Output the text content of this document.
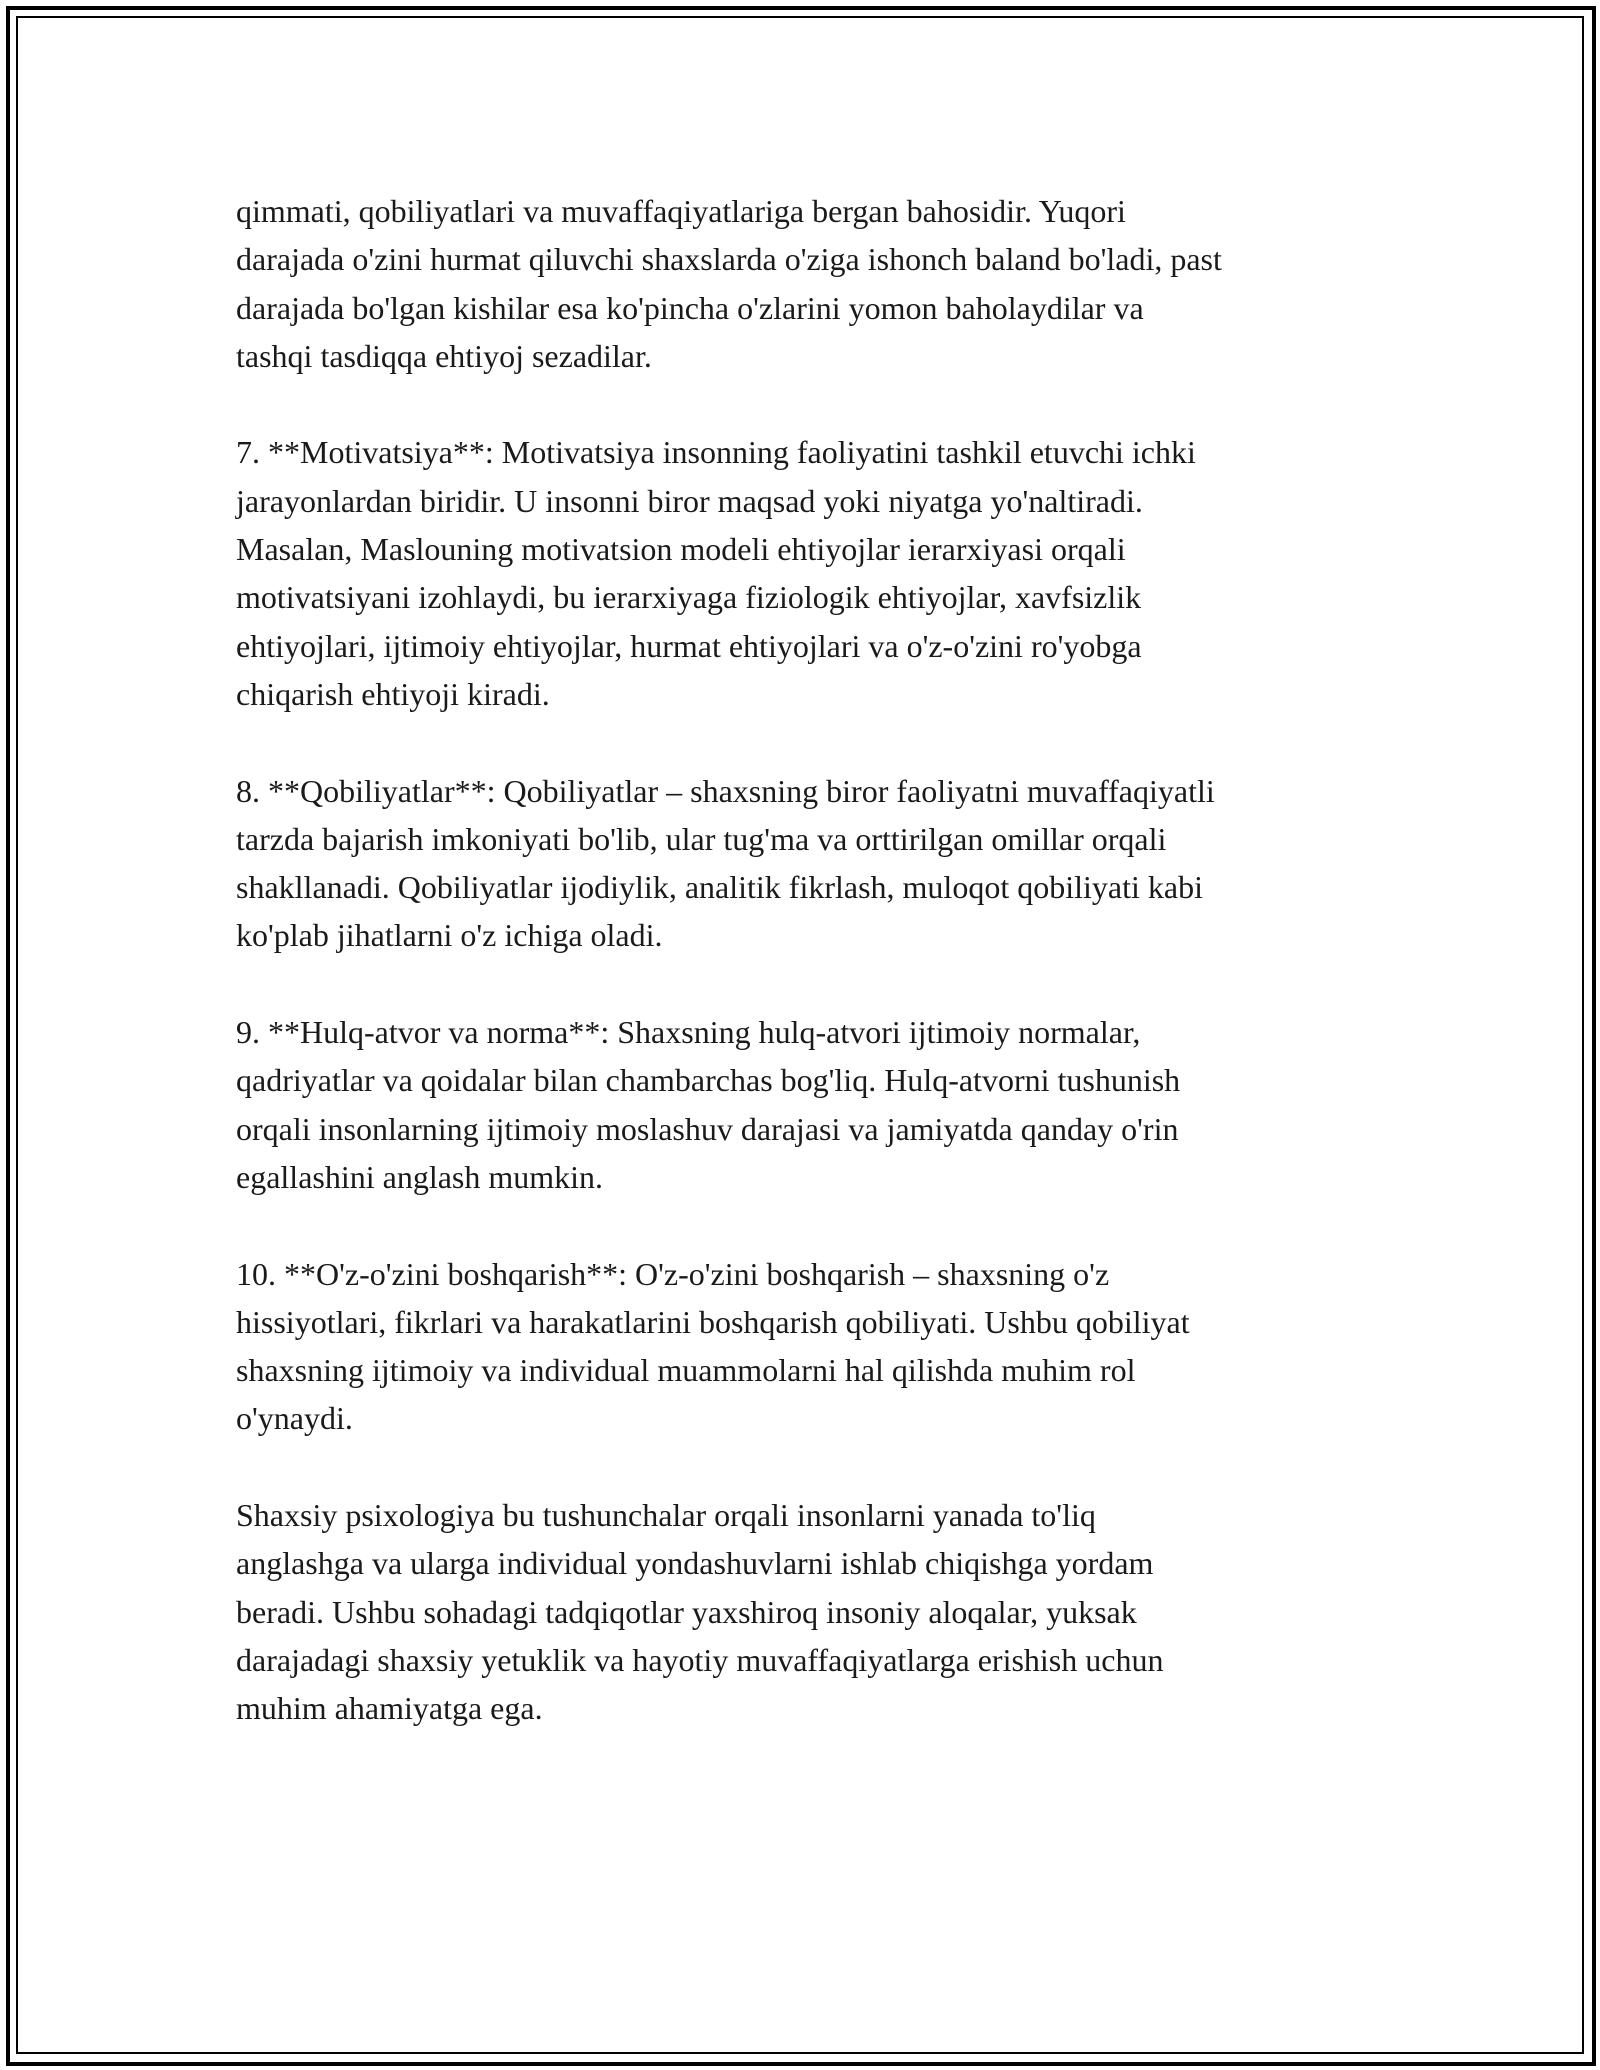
qimmati, qobiliyatlari va muvaffaqiyatlariga bergan bahosidir. Yuqori
darajada o'zini hurmat qiluvchi shaxslarda o'ziga ishonch baland bo'ladi, past
darajada bo'lgan kishilar esa ko'pincha o'zlarini yomon baholaydilar va
tashqi tasdiqqa ehtiyoj sezadilar.
7. **Motivatsiya**: Motivatsiya insonning faoliyatini tashkil etuvchi ichki
jarayonlardan biridir. U insonni biror maqsad yoki niyatga yo'naltiradi.
Masalan, Maslouning motivatsion modeli ehtiyojlar ierarxiyasi orqali
motivatsiyani izohlaydi, bu ierarxiyaga fiziologik ehtiyojlar, xavfsizlik
ehtiyojlari, ijtimoiy ehtiyojlar, hurmat ehtiyojlari va o'z-o'zini ro'yobga
chiqarish ehtiyoji kiradi.
8. **Qobiliyatlar**: Qobiliyatlar – shaxsning biror faoliyatni muvaffaqiyatli
tarzda bajarish imkoniyati bo'lib, ular tug'ma va orttirilgan omillar orqali
shakllanadi. Qobiliyatlar ijodiylik, analitik fikrlash, muloqot qobiliyati kabi
ko'plab jihatlarni o'z ichiga oladi.
9. **Hulq-atvor va norma**: Shaxsning hulq-atvori ijtimoiy normalar,
qadriyatlar va qoidalar bilan chambarchas bog'liq. Hulq-atvorni tushunish
orqali insonlarning ijtimoiy moslashuv darajasi va jamiyatda qanday o'rin
egallashini anglash mumkin.
10. **O'z-o'zini boshqarish**: O'z-o'zini boshqarish – shaxsning o'z
hissiyotlari, fikrlari va harakatlarini boshqarish qobiliyati. Ushbu qobiliyat
shaxsning ijtimoiy va individual muammolarni hal qilishda muhim rol
o'ynaydi.
Shaxsiy psixologiya bu tushunchalar orqali insonlarni yanada to'liq
anglashga va ularga individual yondashuvlarni ishlab chiqishga yordam
beradi. Ushbu sohadagi tadqiqotlar yaxshiroq insoniy aloqalar, yuksak
darajadagi shaxsiy yetuklik va hayotiy muvaffaqiyatlarga erishish uchun
muhim ahamiyatga ega.
